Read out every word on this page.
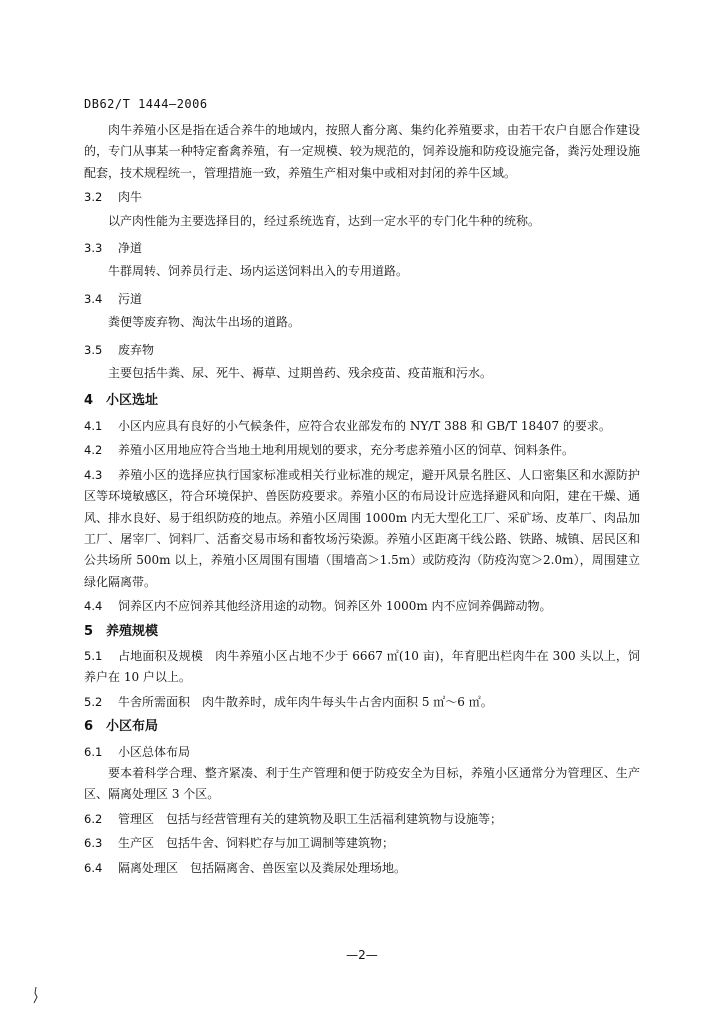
DB62/T 1444—2006

肉牛养殖小区是指在适合养牛的地域内，按照人畜分离、集约化养殖要求，由若干农户自愿合作建设的，专门从事某一种特定畜禽养殖，有一定规模、较为规范的，饲养设施和防疫设施完备，粪污处理设施配套，技术规程统一，管理措施一致，养殖生产相对集中或相对封闭的养牛区域。

3.2 肉牛

以产肉性能为主要选择目的，经过系统选育，达到一定水平的专门化牛种的统称。

3.3 净道

牛群周转、饲养员行走、场内运送饲料出入的专用道路。

3.4 污道

粪便等废弃物、淘汰牛出场的道路。

3.5 废弃物

主要包括牛粪、尿、死牛、褥草、过期兽药、残余疫苗、疫苗瓶和污水。

4 小区选址

4.1 小区内应具有良好的小气候条件，应符合农业部发布的 NY/T 388 和 GB/T 18407 的要求。

4.2 养殖小区用地应符合当地土地利用规划的要求，充分考虑养殖小区的饲草、饲料条件。

4.3 养殖小区的选择应执行国家标准或相关行业标准的规定，避开风景名胜区、人口密集区和水源防护区等环境敏感区，符合环境保护、兽医防疫要求。养殖小区的布局设计应选择避风和向阳，建在干燥、通风、排水良好、易于组织防疫的地点。养殖小区周围 1000m 内无大型化工厂、采矿场、皮革厂、肉品加工厂、屠宰厂、饲料厂、活畜交易市场和畜牧场污染源。养殖小区距离干线公路、铁路、城镇、居民区和公共场所 500m 以上，养殖小区周围有围墙（围墙高＞1.5m）或防疫沟（防疫沟宽＞2.0m），周围建立绿化隔离带。

4.4 饲养区内不应饲养其他经济用途的动物。饲养区外 1000m 内不应饲养偶蹄动物。

5 养殖规模

5.1 占地面积及规模 肉牛养殖小区占地不少于 6667 ㎡(10 亩)，年育肥出栏肉牛在 300 头以上，饲养户在 10 户以上。

5.2 牛舍所需面积 肉牛散养时，成年肉牛每头牛占舍内面积 5 ㎡～6 ㎡。

6 小区布局

6.1 小区总体布局

要本着科学合理、整齐紧凑、利于生产管理和便于防疫安全为目标，养殖小区通常分为管理区、生产区、隔离处理区 3 个区。

6.2 管理区 包括与经营管理有关的建筑物及职工生活福利建筑物与设施等；

6.3 生产区 包括牛舍、饲料贮存与加工调制等建筑物；

6.4 隔离处理区 包括隔离舍、兽医室以及粪尿处理场地。

—2—
